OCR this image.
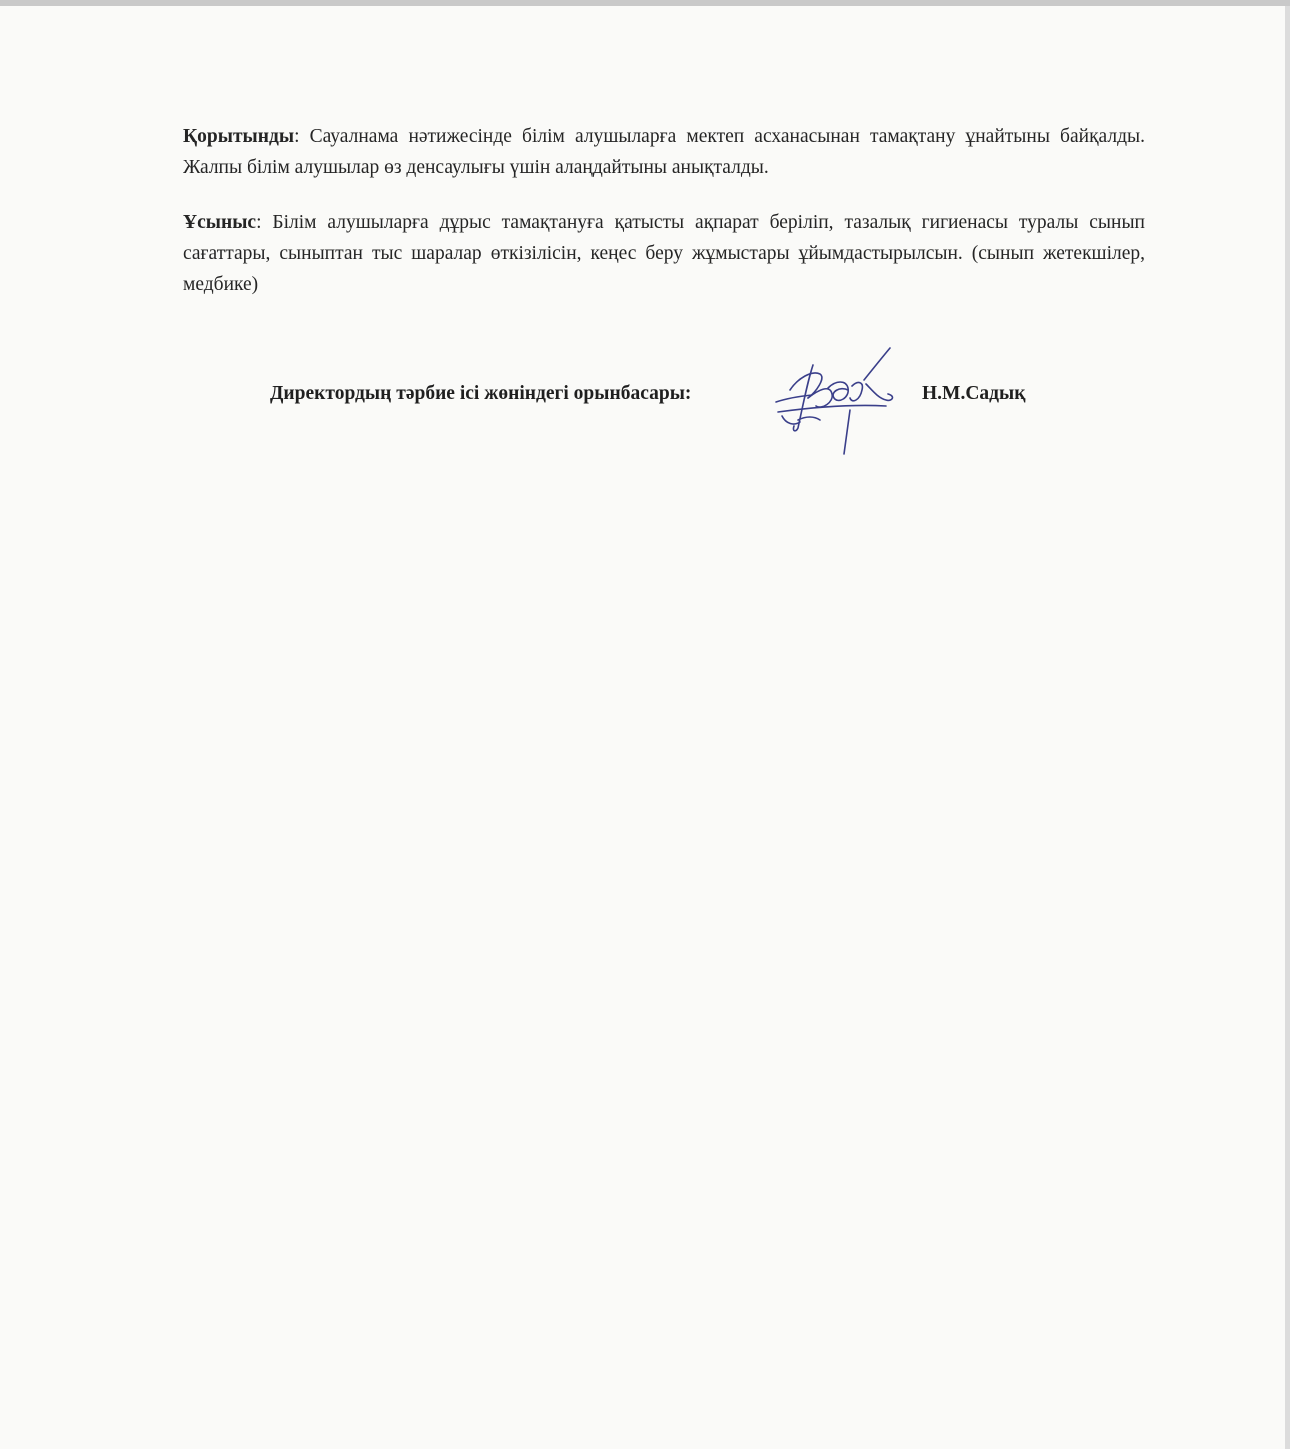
Қорытынды: Сауалнама нәтижесінде білім алушыларға мектеп асханасынан тамақтану ұнайтыны байқалды. Жалпы білім алушылар өз денсаулығы үшін алаңдайтыны анықталды.

Ұсыныс: Білім алушыларға дұрыс тамақтануға қатысты ақпарат беріліп, тазалық гигиенасы туралы сынып сағаттары, сыныптан тыс шаралар өткізілісін, кеңес беру жұмыстары ұйымдастырылсын. (сынып жетекшілер, медбике)

Директордың тәрбие ісі жөніндегі орынбасары:	Н.М.Садық
